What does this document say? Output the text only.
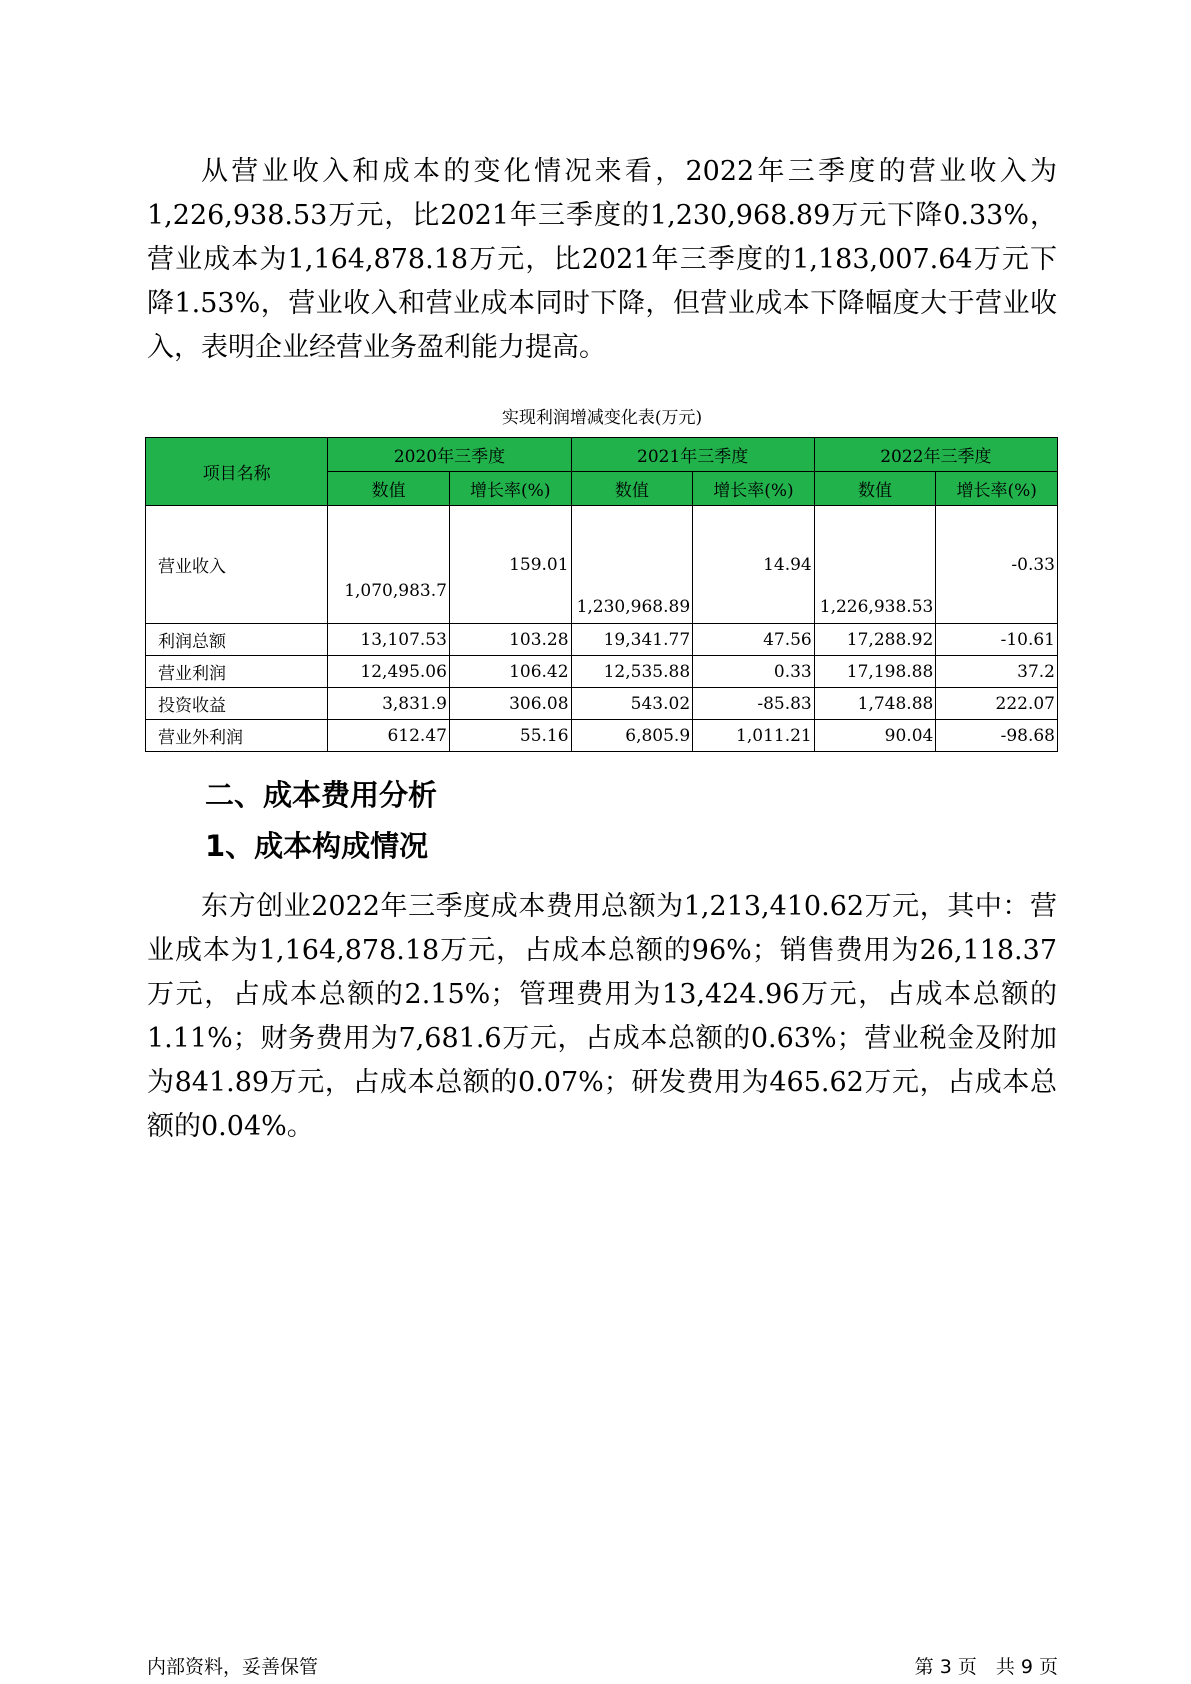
从营业收入和成本的变化情况来看，2022年三季度的营业收入为1,226,938.53万元，比2021年三季度的1,230,968.89万元下降0.33%，营业成本为1,164,878.18万元，比2021年三季度的1,183,007.64万元下降1.53%，营业收入和营业成本同时下降，但营业成本下降幅度大于营业收入，表明企业经营业务盈利能力提高。

实现利润增减变化表(万元)
项目名称	2020年三季度		2021年三季度		2022年三季度	
	数值	增长率(%)	数值	增长率(%)	数值	增长率(%)
营业收入	1,070,983.7	159.01	1,230,968.89	14.94	1,226,938.53	-0.33
利润总额	13,107.53	103.28	19,341.77	47.56	17,288.92	-10.61
营业利润	12,495.06	106.42	12,535.88	0.33	17,198.88	37.2
投资收益	3,831.9	306.08	543.02	-85.83	1,748.88	222.07
营业外利润	612.47	55.16	6,805.9	1,011.21	90.04	-98.68
二、成本费用分析
1、成本构成情况

东方创业2022年三季度成本费用总额为1,213,410.62万元，其中：营业成本为1,164,878.18万元，占成本总额的96%；销售费用为26,118.37万元，占成本总额的2.15%；管理费用为13,424.96万元，占成本总额的1.11%；财务费用为7,681.6万元，占成本总额的0.63%；营业税金及附加为841.89万元，占成本总额的0.07%；研发费用为465.62万元，占成本总额的0.04%。

内部资料，妥善保管	第 3 页　共 9 页
